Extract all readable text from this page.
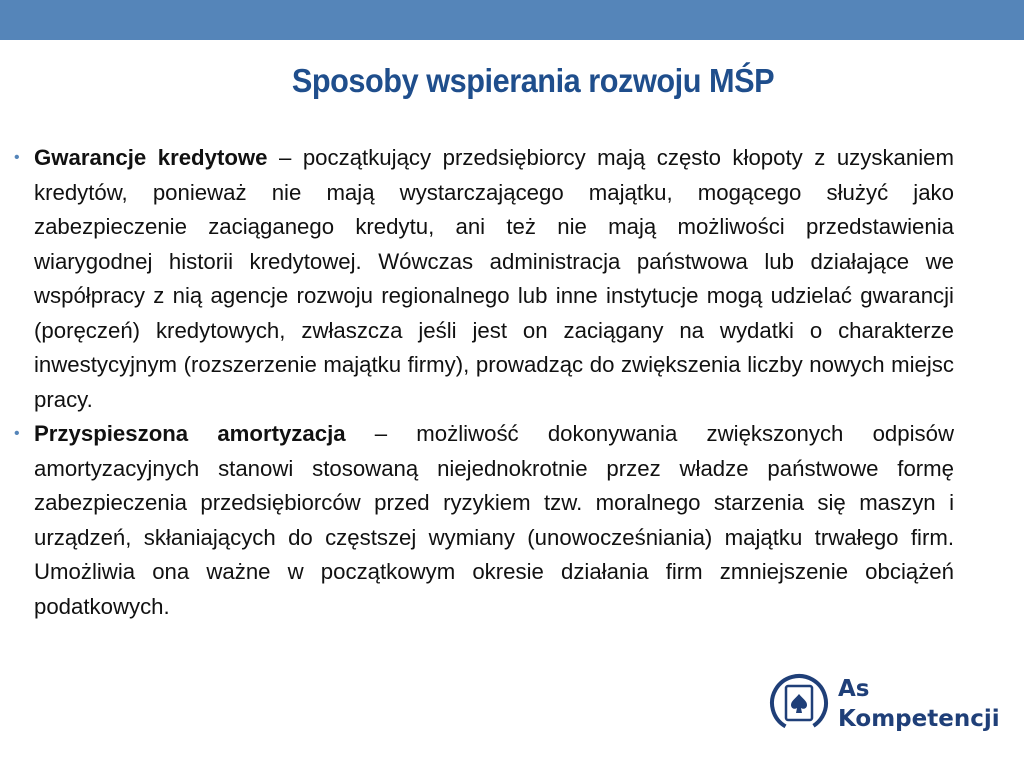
Sposoby wspierania rozwoju MŚP

• Gwarancje kredytowe – początkujący przedsiębiorcy mają często kłopoty z uzyskaniem kredytów, ponieważ nie mają wystarczającego majątku, mogącego służyć jako zabezpieczenie zaciąganego kredytu, ani też nie mają możliwości przedstawienia wiarygodnej historii kredytowej. Wówczas administracja państwowa lub działające we współpracy z nią agencje rozwoju regionalnego lub inne instytucje mogą udzielać gwarancji (poręczeń) kredytowych, zwłaszcza jeśli jest on zaciągany na wydatki o charakterze inwestycyjnym (rozszerzenie majątku firmy), prowadząc do zwiększenia liczby nowych miejsc pracy.

• Przyspieszona amortyzacja – możliwość dokonywania zwiększonych odpisów amortyzacyjnych stanowi stosowaną niejednokrotnie przez władze państwowe formę zabezpieczenia przedsiębiorców przed ryzykiem tzw. moralnego starzenia się maszyn i urządzeń, skłaniających do częstszej wymiany (unowocześniania) majątku trwałego firm. Umożliwia ona ważne w początkowym okresie działania firm zmniejszenie obciążeń podatkowych.

As
Kompetencji
